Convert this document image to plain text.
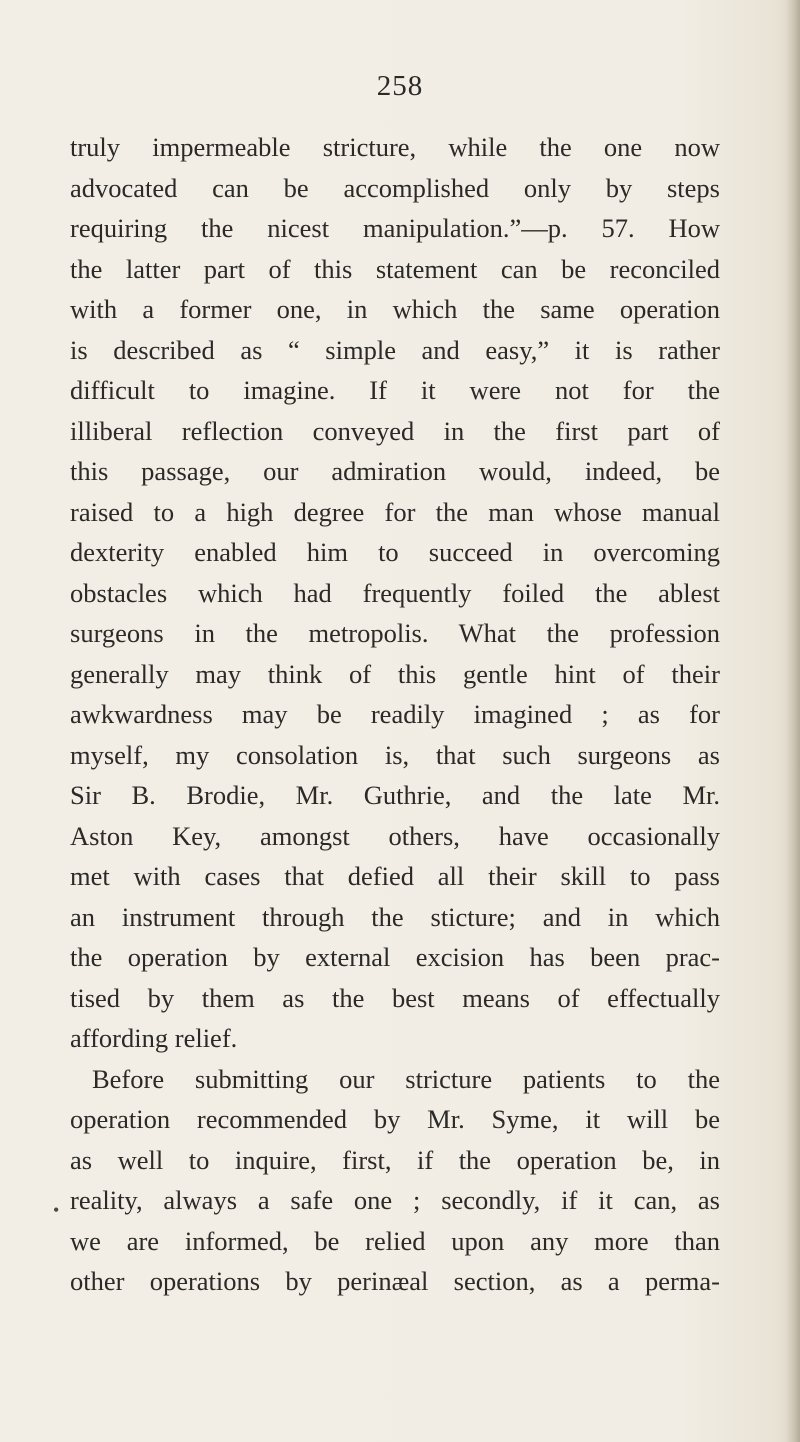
258
•
truly impermeable stricture, while the one now
advocated can be accomplished only by steps
requiring the nicest manipulation.”—p. 57. How
the latter part of this statement can be reconciled
with a former one, in which the same operation
is described as “ simple and easy,” it is rather
difficult to imagine. If it were not for the
illiberal reflection conveyed in the first part of
this passage, our admiration would, indeed, be
raised to a high degree for the man whose manual
dexterity enabled him to succeed in overcoming
obstacles which had frequently foiled the ablest
surgeons in the metropolis. What the profession
generally may think of this gentle hint of their
awkwardness may be readily imagined ; as for
myself, my consolation is, that such surgeons as
Sir B. Brodie, Mr. Guthrie, and the late Mr.
Aston Key, amongst others, have occasionally
met with cases that defied all their skill to pass
an instrument through the sticture; and in which
the operation by external excision has been prac-
tised by them as the best means of effectually
affording relief.
Before submitting our stricture patients to the
operation recommended by Mr. Syme, it will be
as well to inquire, first, if the operation be, in
reality, always a safe one ; secondly, if it can, as
we are informed, be relied upon any more than
other operations by perinæal section, as a perma-
